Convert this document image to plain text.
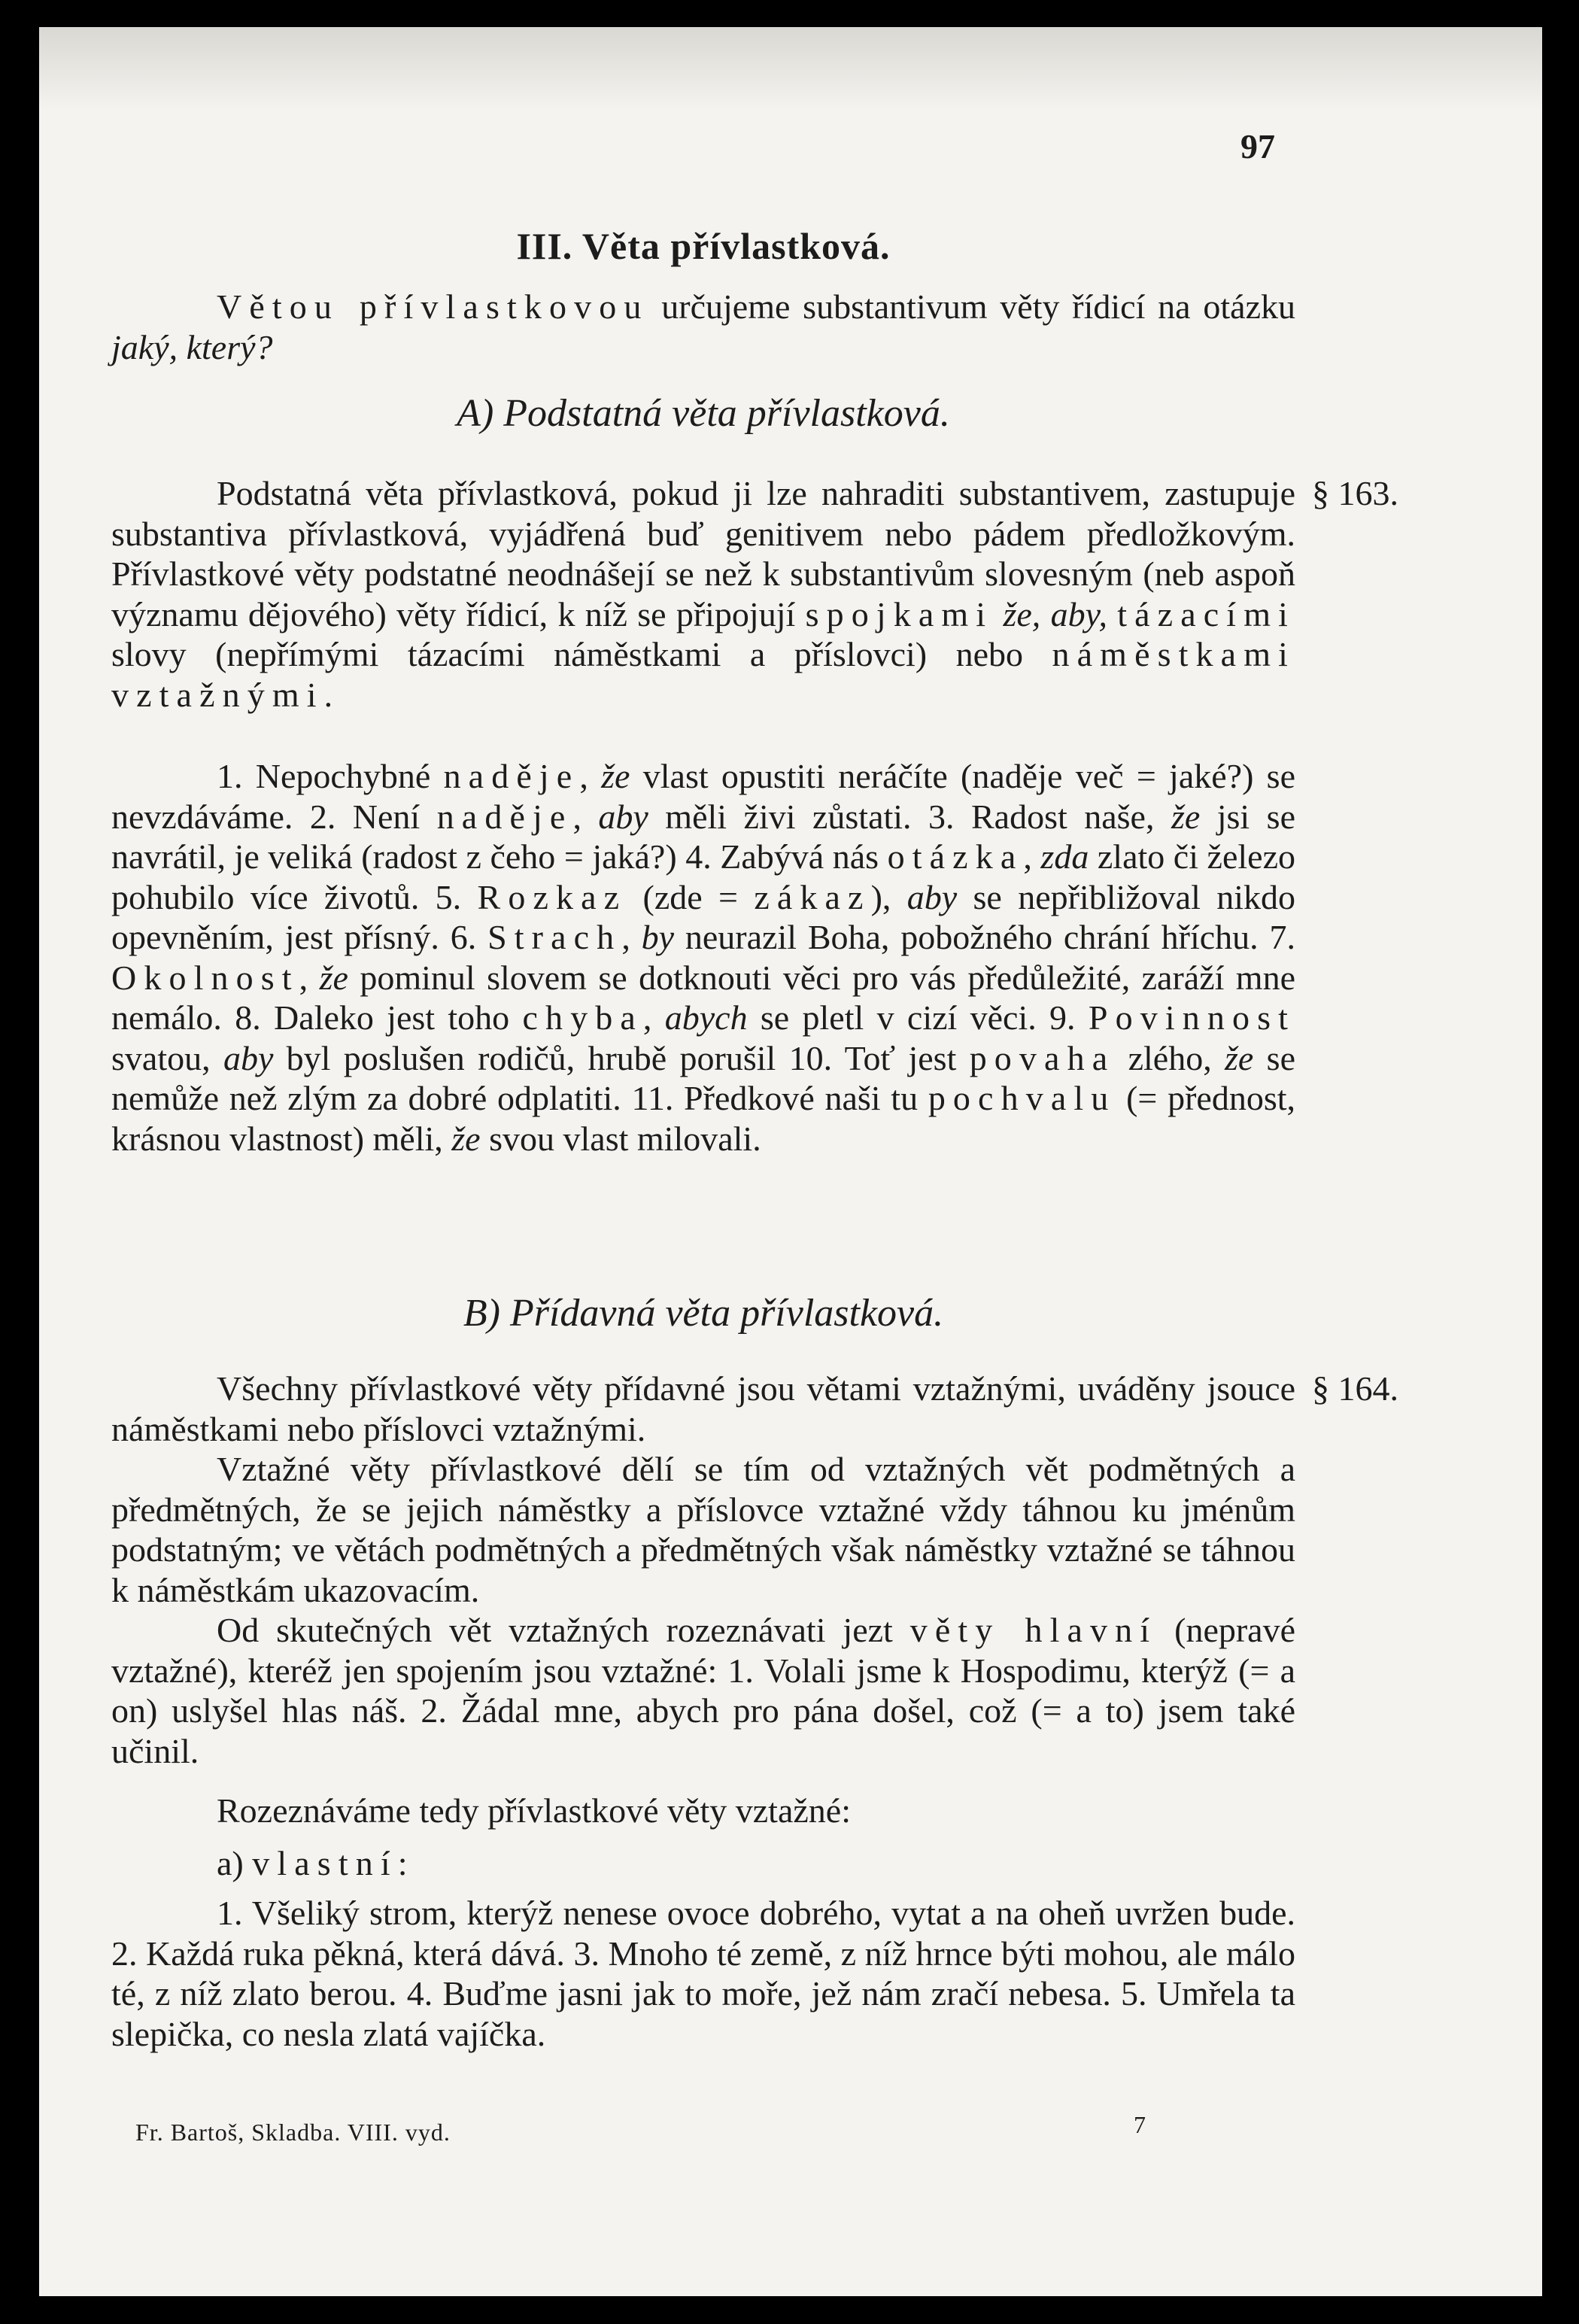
97
III. Věta přívlastková.

Větou přívlastkovou určujeme substantivum věty řídicí na otázku jaký, který?

A) Podstatná věta přívlastková.
§ 163.

Podstatná věta přívlastková, pokud ji lze nahraditi substantivem, zastupuje substantiva přívlastková, vyjádřená buď genitivem nebo pádem předložkovým. Přívlastkové věty podstatné neodnášejí se než k substantivům slovesným (neb aspoň významu dějového) věty řídicí, k níž se připojují spojkami že, aby, tázacími slovy (nepřímými tázacími náměstkami a příslovci) nebo náměstkami vztažnými.

1. Nepochybné naděje, že vlast opustiti neráčíte (naděje več = jaké?) se nevzdáváme. 2. Není naděje, aby měli živi zůstati. 3. Radost naše, že jsi se navrátil, je veliká (radost z čeho = jaká?) 4. Zabývá nás otázka, zda zlato či železo pohubilo více životů. 5. Rozkaz (zde = zákaz), aby se nepřibližoval nikdo opevněním, jest přísný. 6. Strach, by neurazil Boha, pobožného chrání hříchu. 7. Okolnost, že pominul slovem se dotknouti věci pro vás předůležité, zaráží mne nemálo. 8. Daleko jest toho chyba, abych se pletl v cizí věci. 9. Povinnost svatou, aby byl poslušen rodičů, hrubě porušil 10. Toť jest povaha zlého, že se nemůže než zlým za dobré odplatiti. 11. Předkové naši tu pochvalu (= přednost, krásnou vlastnost) měli, že svou vlast milovali.

B) Přídavná věta přívlastková.
§ 164.

Všechny přívlastkové věty přídavné jsou větami vztažnými, uváděny jsouce náměstkami nebo příslovci vztažnými.

Vztažné věty přívlastkové dělí se tím od vztažných vět podmětných a předmětných, že se jejich náměstky a příslovce vztažné vždy táhnou ku jménům podstatným; ve větách podmětných a předmětných však náměstky vztažné se táhnou k náměstkám ukazovacím.

Od skutečných vět vztažných rozeznávati jezt věty hlavní (nepravé vztažné), kteréž jen spojením jsou vztažné: 1. Volali jsme k Hospodimu, kterýž (= a on) uslyšel hlas náš. 2. Žádal mne, abych pro pána došel, což (= a to) jsem také učinil.

Rozeznáváme tedy přívlastkové věty vztažné:

a) vlastní:

1. Všeliký strom, kterýž nenese ovoce dobrého, vytat a na oheň uvržen bude. 2. Každá ruka pěkná, která dává. 3. Mnoho té země, z níž hrnce býti mohou, ale málo té, z níž zlato berou. 4. Buďme jasni jak to moře, jež nám zračí nebesa. 5. Umřela ta slepička, co nesla zlatá vajíčka.

Fr. Bartoš, Skladba. VIII. vyd.	7
